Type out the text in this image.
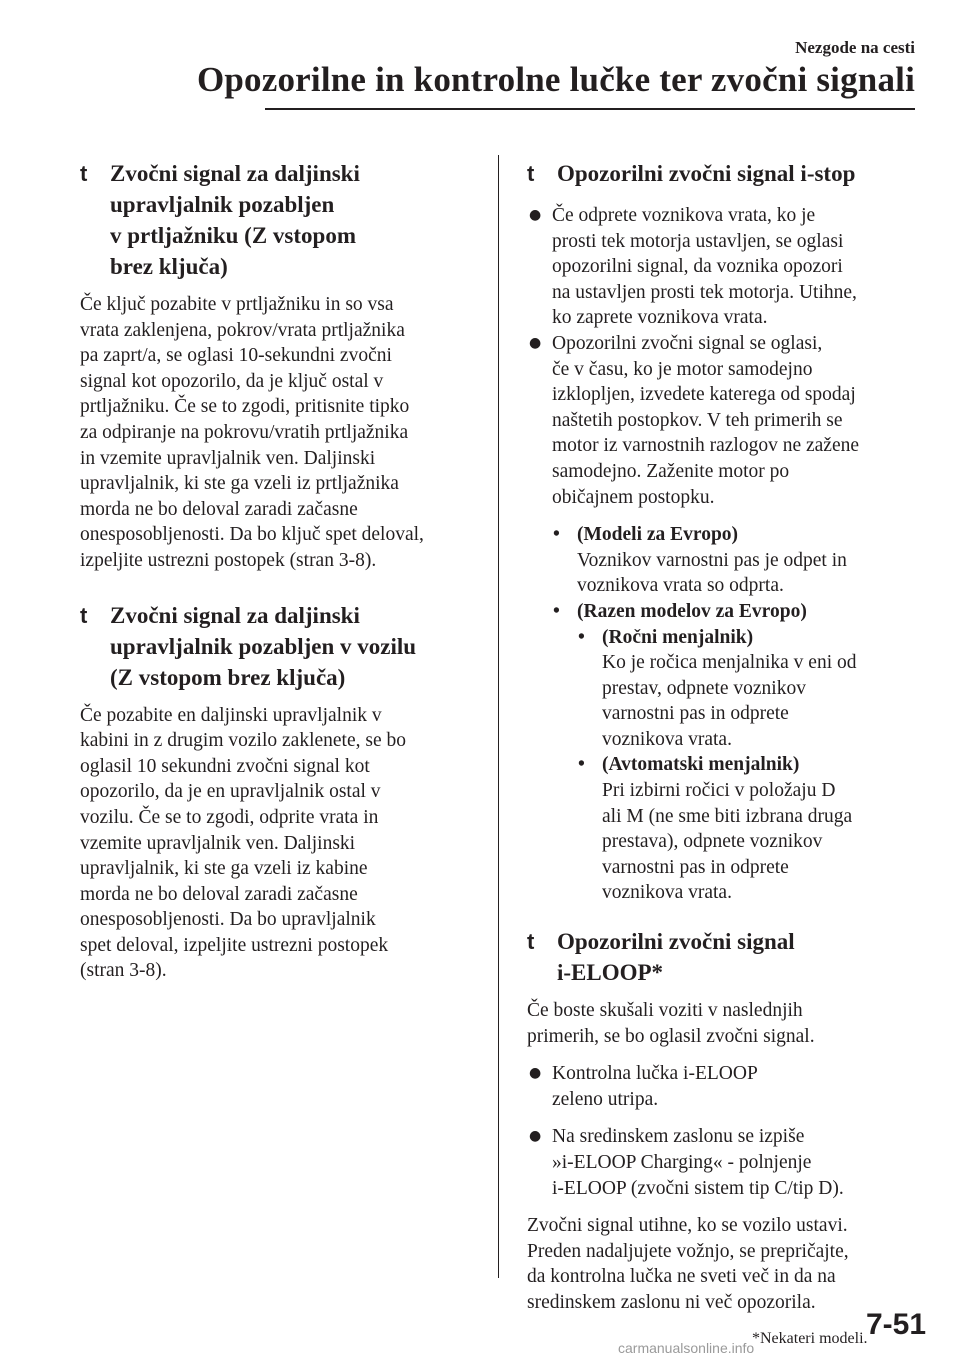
Nezgode na cesti
Opozorilne in kontrolne lučke ter zvočni signali
t Zvočni signal za daljinski
upravljalnik pozabljen
v prtljažniku (Z vstopom
brez ključa)
Če ključ pozabite v prtljažniku in so vsa
vrata zaklenjena, pokrov/vrata prtljažnika
pa zaprt/a, se oglasi 10-sekundni zvočni
signal kot opozorilo, da je ključ ostal v
prtljažniku. Če se to zgodi, pritisnite tipko
za odpiranje na pokrovu/vratih prtljažnika
in vzemite upravljalnik ven. Daljinski
upravljalnik, ki ste ga vzeli iz prtljažnika
morda ne bo deloval zaradi začasne
onesposobljenosti. Da bo ključ spet deloval,
izpeljite ustrezni postopek (stran 3-8).
t Zvočni signal za daljinski
upravljalnik pozabljen v vozilu
(Z vstopom brez ključa)
Če pozabite en daljinski upravljalnik v
kabini in z drugim vozilo zaklenete, se bo
oglasil 10 sekundni zvočni signal kot
opozorilo, da je en upravljalnik ostal v
vozilu. Če se to zgodi, odprite vrata in
vzemite upravljalnik ven. Daljinski
upravljalnik, ki ste ga vzeli iz kabine
morda ne bo deloval zaradi začasne
onesposobljenosti. Da bo upravljalnik
spet deloval, izpeljite ustrezni postopek
(stran 3-8).
t Opozorilni zvočni signal i-stop
● Če odprete voznikova vrata, ko je
prosti tek motorja ustavljen, se oglasi
opozorilni signal, da voznika opozori
na ustavljen prosti tek motorja. Utihne,
ko zaprete voznikova vrata.
● Opozorilni zvočni signal se oglasi,
če v času, ko je motor samodejno
izklopljen, izvedete katerega od spodaj
naštetih postopkov. V teh primerih se
motor iz varnostnih razlogov ne zažene
samodejno. Zaženite motor po
običajnem postopku.
• (Modeli za Evropo)
Voznikov varnostni pas je odpet in
voznikova vrata so odprta.
• (Razen modelov za Evropo)
• (Ročni menjalnik)
Ko je ročica menjalnika v eni od
prestav, odpnete voznikov
varnostni pas in odprete
voznikova vrata.
• (Avtomatski menjalnik)
Pri izbirni ročici v položaju D
ali M (ne sme biti izbrana druga
prestava), odpnete voznikov
varnostni pas in odprete
voznikova vrata.
t Opozorilni zvočni signal
i-ELOOP*
Če boste skušali voziti v naslednjih
primerih, se bo oglasil zvočni signal.
● Kontrolna lučka i-ELOOP
zeleno utripa.
● Na sredinskem zaslonu se izpiše
»i-ELOOP Charging« - polnjenje
i-ELOOP (zvočni sistem tip C/tip D).
Zvočni signal utihne, ko se vozilo ustavi.
Preden nadaljujete vožnjo, se prepričajte,
da kontrolna lučka ne sveti več in da na
sredinskem zaslonu ni več opozorila.
*Nekateri modeli.
7-51
carmanualsonline.info
